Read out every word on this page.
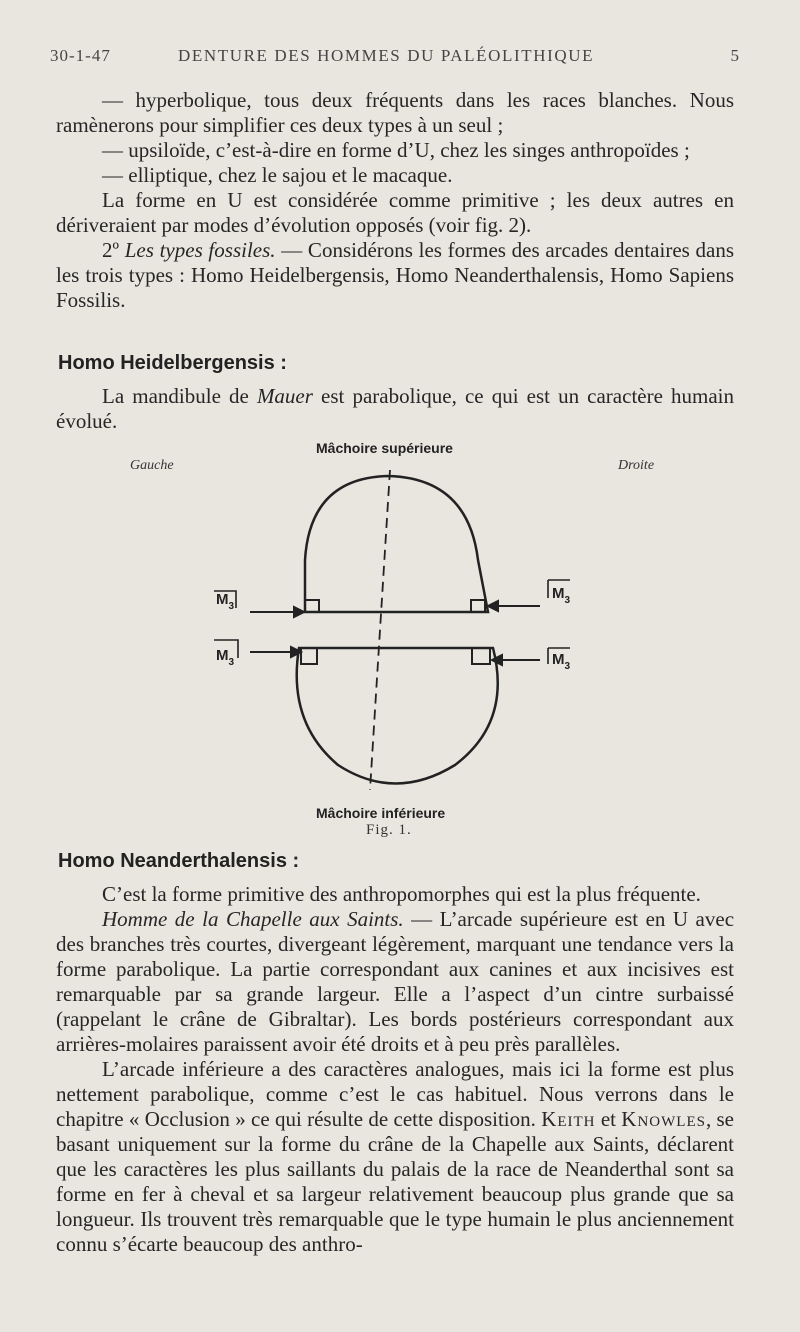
30-1-47	DENTURE DES HOMMES DU PALÉOLITHIQUE	5

— hyperbolique, tous deux fréquents dans les races blanches. Nous ramènerons pour simplifier ces deux types à un seul ;

— upsiloïde, c’est-à-dire en forme d’U, chez les singes anthropoïdes ;

— elliptique, chez le sajou et le macaque.

La forme en U est considérée comme primitive ; les deux autres en dériveraient par modes d’évolution opposés (voir fig. 2).

2º Les types fossiles. — Considérons les formes des arcades dentaires dans les trois types : Homo Heidelbergensis, Homo Neanderthalensis, Homo Sapiens Fossilis.

Homo Heidelbergensis :

La mandibule de Mauer est parabolique, ce qui est un caractère humain évolué.

Mâchoire supérieure
Gauche	Droite
$M_3$
$M_3$
$M_3$	$M_3$
Mâchoire inférieure
Fig. 1.
Homo Neanderthalensis :

C’est la forme primitive des anthropomorphes qui est la plus fréquente.

Homme de la Chapelle aux Saints. — L’arcade supérieure est en U avec des branches très courtes, divergeant légèrement, marquant une tendance vers la forme parabolique. La partie correspondant aux canines et aux incisives est remarquable par sa grande largeur. Elle a l’aspect d’un cintre surbaissé (rappelant le crâne de Gibraltar). Les bords postérieurs correspondant aux arrières-molaires paraissent avoir été droits et à peu près parallèles.

L’arcade inférieure a des caractères analogues, mais ici la forme est plus nettement parabolique, comme c’est le cas habituel. Nous verrons dans le chapitre « Occlusion » ce qui résulte de cette disposition. Keith et Knowles, se basant uniquement sur la forme du crâne de la Chapelle aux Saints, déclarent que les caractères les plus saillants du palais de la race de Neanderthal sont sa forme en fer à cheval et sa largeur relativement beaucoup plus grande que sa longueur. Ils trouvent très remarquable que le type humain le plus anciennement connu s’écarte beaucoup des anthro-
